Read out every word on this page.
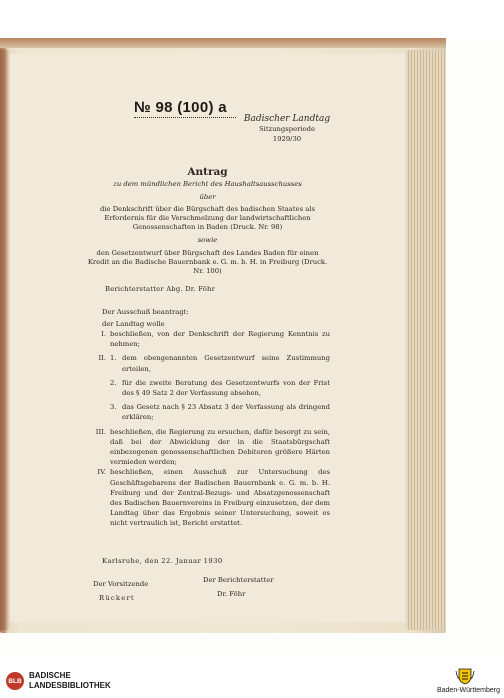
№ 98 (100) a
Badischer Landtag
Sitzungsperiode
1929/30
Antrag
zu dem mündlichen Bericht des Haushaltsausschusses
über
die Denkschrift über die Bürgschaft des badischen Staates als Erfordernis für die Verschmelzung der landwirtschaftlichen Genossenschaften in Baden (Druck. Nr. 98)
sowie
den Gesetzentwurf über Bürgschaft des Landes Baden für einen Kredit an die Badische Bauernbank e. G. m. b. H. in Freiburg (Druck. Nr. 100)
Berichterstatter Abg. Dr. Föhr
Der Ausschuß beantragt:
der Landtag wolle
I. beschließen, von der Denkschrift der Regierung Kenntnis zu nehmen;
II. 1. dem obengenannten Gesetzentwurf seine Zustimmung erteilen,
2. für die zweite Beratung des Gesetzentwurfs von der Frist des § 49 Satz 2 der Verfassung absehen,
3. das Gesetz nach § 23 Absatz 3 der Verfassung als dringend erklären;
III. beschließen, die Regierung zu ersuchen, dafür besorgt zu sein, daß bei der Abwicklung der in die Staatsbürgschaft einbezogenen genossenschaftlichen Debitoren größere Härten vermieden werden;
IV. beschließen, einen Ausschuß zur Untersuchung des Geschäftsgebarens der Badischen Bauernbank e. G. m. b. H. Freiburg und der Zentral-Bezugs- und Absatzgenossenschaft des Badischen Bauernvereins in Freiburg einzusetzen, der dem Landtag über das Ergebnis seiner Untersuchung, soweit es nicht vertraulich ist, Bericht erstattet.
Karlsruhe, den 22. Januar 1930
Der Vorsitzende
Rückert
Der Berichterstatter
Dr. Föhr
BLB
BADISCHE
LANDESBIBLIOTHEK
Baden-Württemberg
